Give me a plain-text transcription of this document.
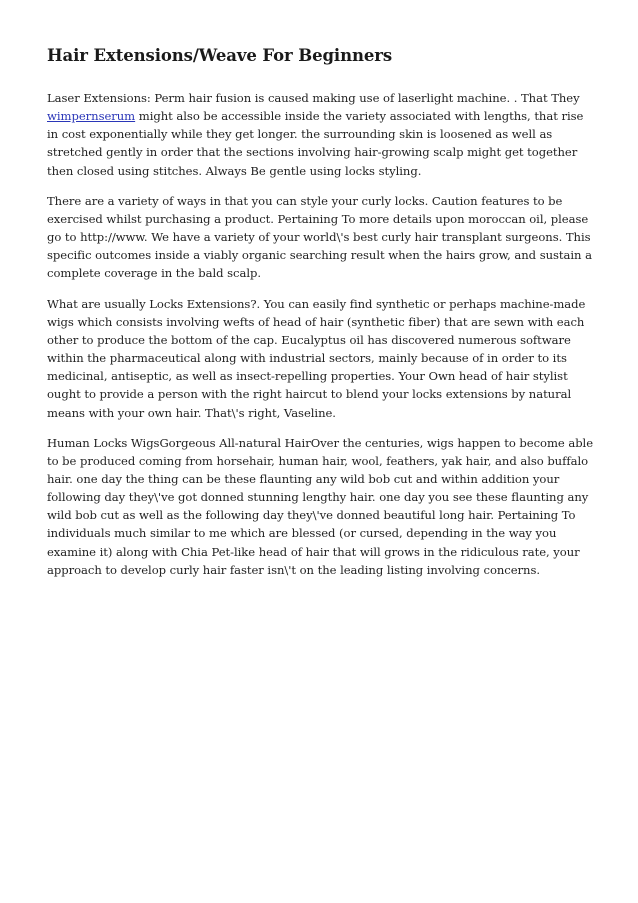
Hair Extensions/Weave For Beginners

Laser Extensions: Perm hair fusion is caused making use of laserlight machine. . That They wimpernserum might also be accessible inside the variety associated with lengths, that rise in cost exponentially while they get longer. the surrounding skin is loosened as well as stretched gently in order that the sections involving hair-growing scalp might get together then closed using stitches. Always Be gentle using locks styling.

There are a variety of ways in that you can style your curly locks. Caution features to be exercised whilst purchasing a product. Pertaining To more details upon moroccan oil, please go to http://www. We have a variety of your world\'s best curly hair transplant surgeons. This specific outcomes inside a viably organic searching result when the hairs grow, and sustain a complete coverage in the bald scalp.

What are usually Locks Extensions?. You can easily find synthetic or perhaps machine-made wigs which consists involving wefts of head of hair (synthetic fiber) that are sewn with each other to produce the bottom of the cap. Eucalyptus oil has discovered numerous software within the pharmaceutical along with industrial sectors, mainly because of in order to its medicinal, antiseptic, as well as insect-repelling properties. Your Own head of hair stylist ought to provide a person with the right haircut to blend your locks extensions by natural means with your own hair. That\'s right, Vaseline.

Human Locks WigsGorgeous All-natural HairOver the centuries, wigs happen to become able to be produced coming from horsehair, human hair, wool, feathers, yak hair, and also buffalo hair. one day the thing can be these flaunting any wild bob cut and within addition your following day they\'ve got donned stunning lengthy hair. one day you see these flaunting any wild bob cut as well as the following day they\'ve donned beautiful long hair. Pertaining To individuals much similar to me which are blessed (or cursed, depending in the way you examine it) along with Chia Pet-like head of hair that will grows in the ridiculous rate, your approach to develop curly hair faster isn\'t on the leading listing involving concerns.
